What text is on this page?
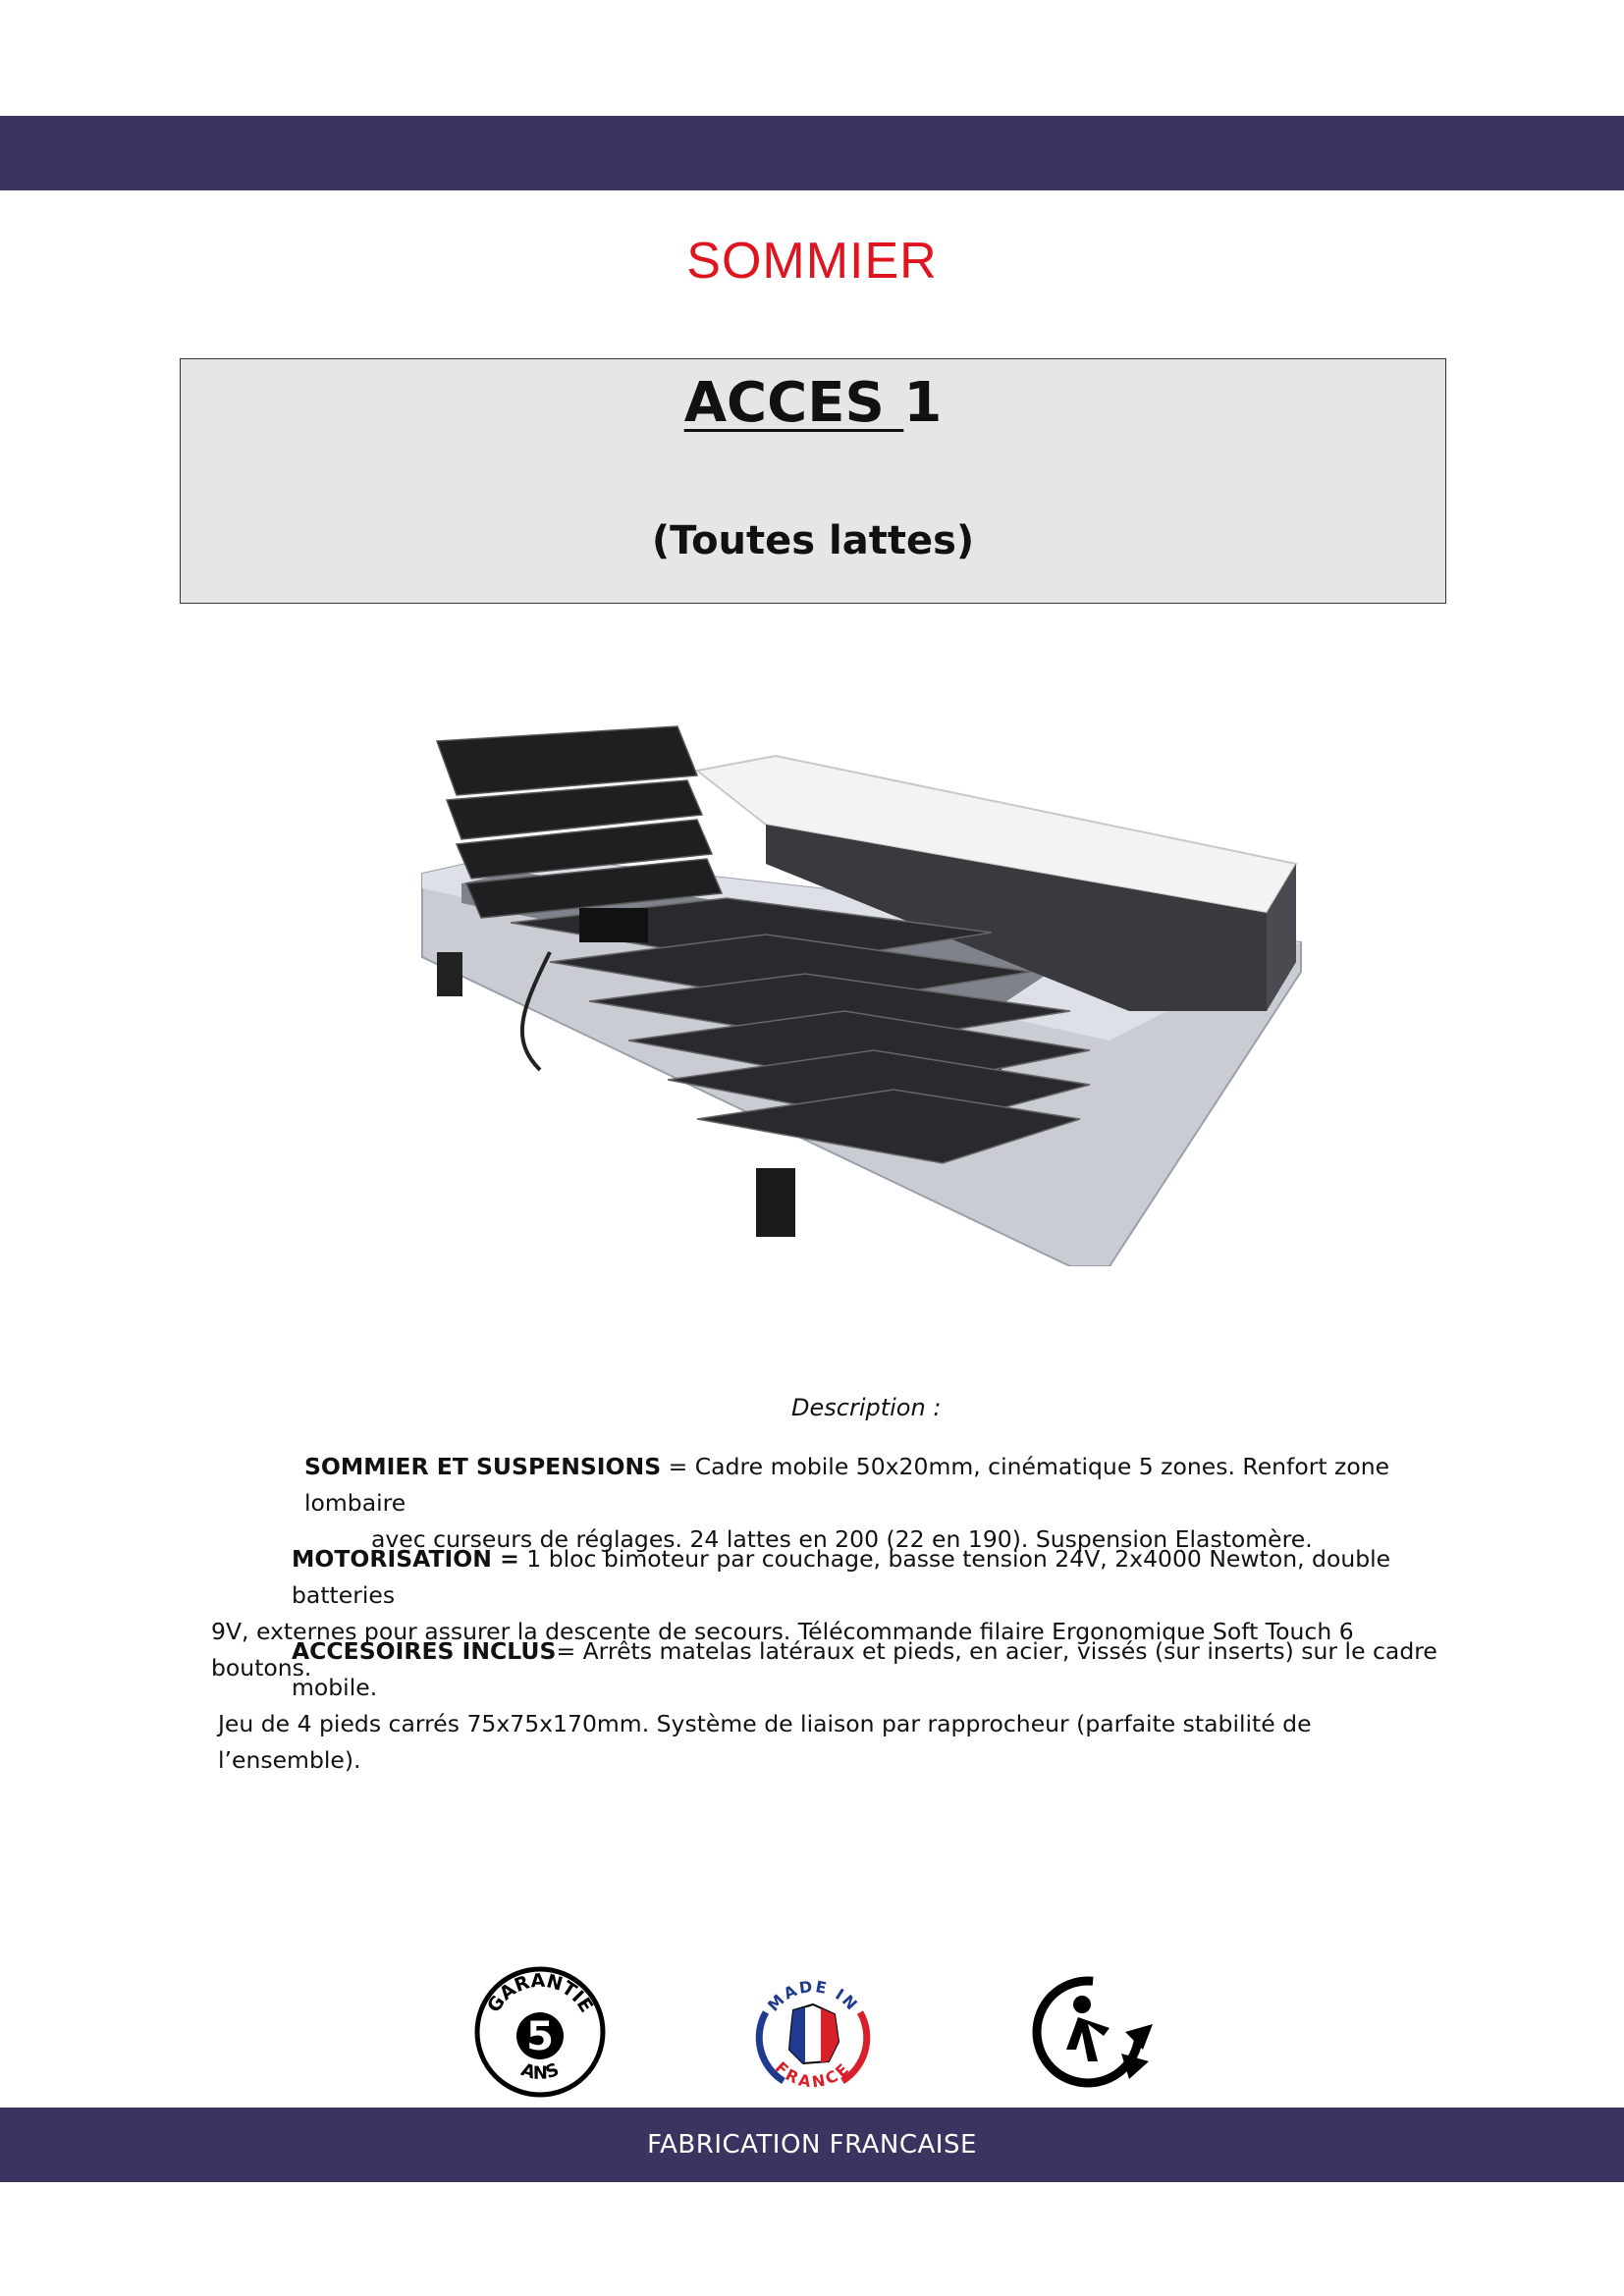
SOMMIER
ACCES 1
(Toutes lattes)
Description :
SOMMIER ET SUSPENSIONS = Cadre mobile 50x20mm, cinématique 5 zones. Renfort zone lombaire
avec curseurs de réglages. 24 lattes en 200 (22 en 190). Suspension Elastomère.
MOTORISATION = 1 bloc bimoteur par couchage, basse tension 24V, 2x4000 Newton, double batteries
9V, externes pour assurer la descente de secours. Télécommande filaire Ergonomique Soft Touch 6 boutons.
ACCESOIRES INCLUS= Arrêts matelas latéraux et pieds, en acier, vissés (sur inserts) sur le cadre mobile.
Jeu de 4 pieds carrés 75x75x170mm. Système de liaison par rapprocheur (parfaite stabilité de l’ensemble).
GARANTIE
5
ANS
MADE IN
FRANCE
FABRICATION FRANCAISE
